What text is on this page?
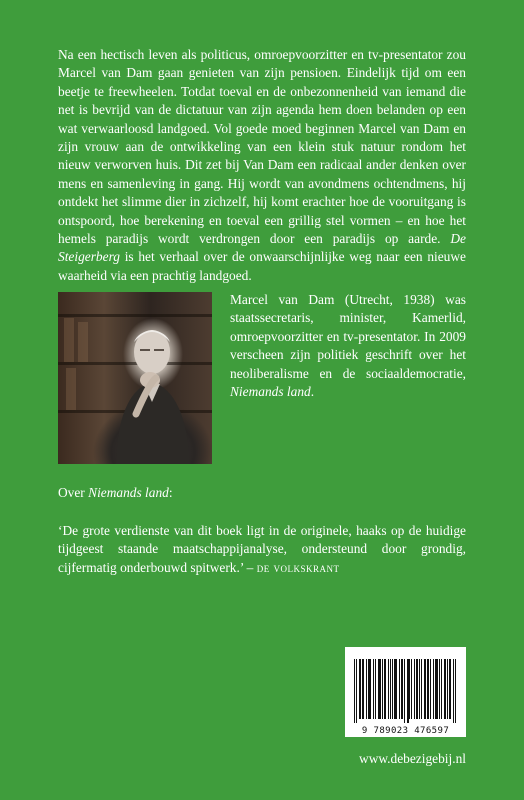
Na een hectisch leven als politicus, omroepvoorzitter en tv-presentator zou Marcel van Dam gaan genieten van zijn pensioen. Eindelijk tijd om een beetje te freewheelen. Totdat toeval en de onbezonnenheid van iemand die net is bevrijd van de dictatuur van zijn agenda hem doen belanden op een wat verwaarloosd landgoed. Vol goede moed beginnen Marcel van Dam en zijn vrouw aan de ontwikkeling van een klein stuk natuur rondom het nieuw verworven huis. Dit zet bij Van Dam een radicaal ander denken over mens en samenleving in gang. Hij wordt van avondmens ochtendmens, hij ontdekt het slimme dier in zichzelf, hij komt erachter hoe de vooruitgang is ontspoord, hoe berekening en toeval een grillig stel vormen – en hoe het hemels paradijs wordt verdrongen door een paradijs op aarde. De Steigerberg is het verhaal over de onwaarschijnlijke weg naar een nieuwe waarheid via een prachtig landgoed.

Marcel van Dam (Utrecht, 1938) was staatssecretaris, minister, Kamerlid, omroepvoorzitter en tv-presentator. In 2009 verscheen zijn politiek geschrift over het neoliberalisme en de sociaaldemocratie, Niemands land.

Over Niemands land:

‘De grote verdienste van dit boek ligt in de originele, haaks op de huidige tijdgeest staande maatschappijanalyse, ondersteund door grondig, cijfermatig onderbouwd spitwerk.’ – de volkskrant

9 789023 476597

www.debezigebij.nl
